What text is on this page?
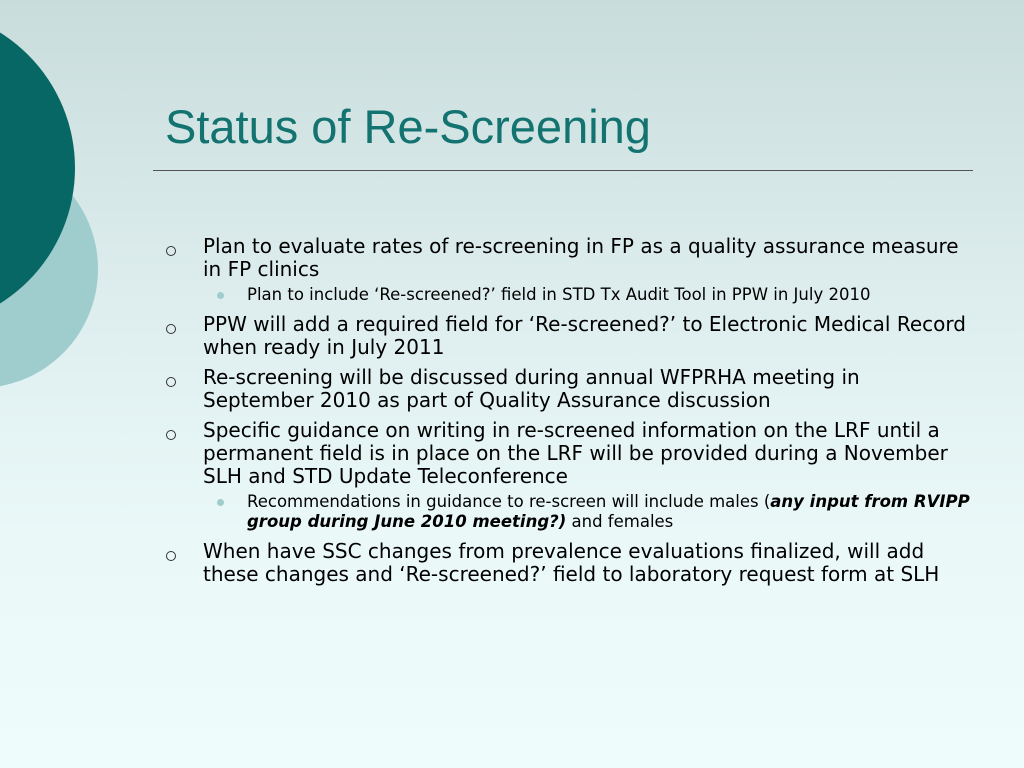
Status of Re-Screening
Plan to evaluate rates of re-screening in FP as a quality assurance measure in FP clinics
Plan to include ‘Re-screened?’ field in STD Tx Audit Tool in PPW in July 2010
PPW will add a required field for ‘Re-screened?’ to Electronic Medical Record when ready in July 2011
Re-screening will be discussed during annual WFPRHA meeting in September 2010 as part of Quality Assurance discussion
Specific guidance on writing in re-screened information on the LRF until a permanent field is in place on the LRF will be provided during a November SLH and STD Update Teleconference
Recommendations in guidance to re-screen will include males (any input from RVIPP group during June 2010 meeting?) and females
When have SSC changes from prevalence evaluations finalized, will add these changes and ‘Re-screened?’ field to laboratory request form at SLH
